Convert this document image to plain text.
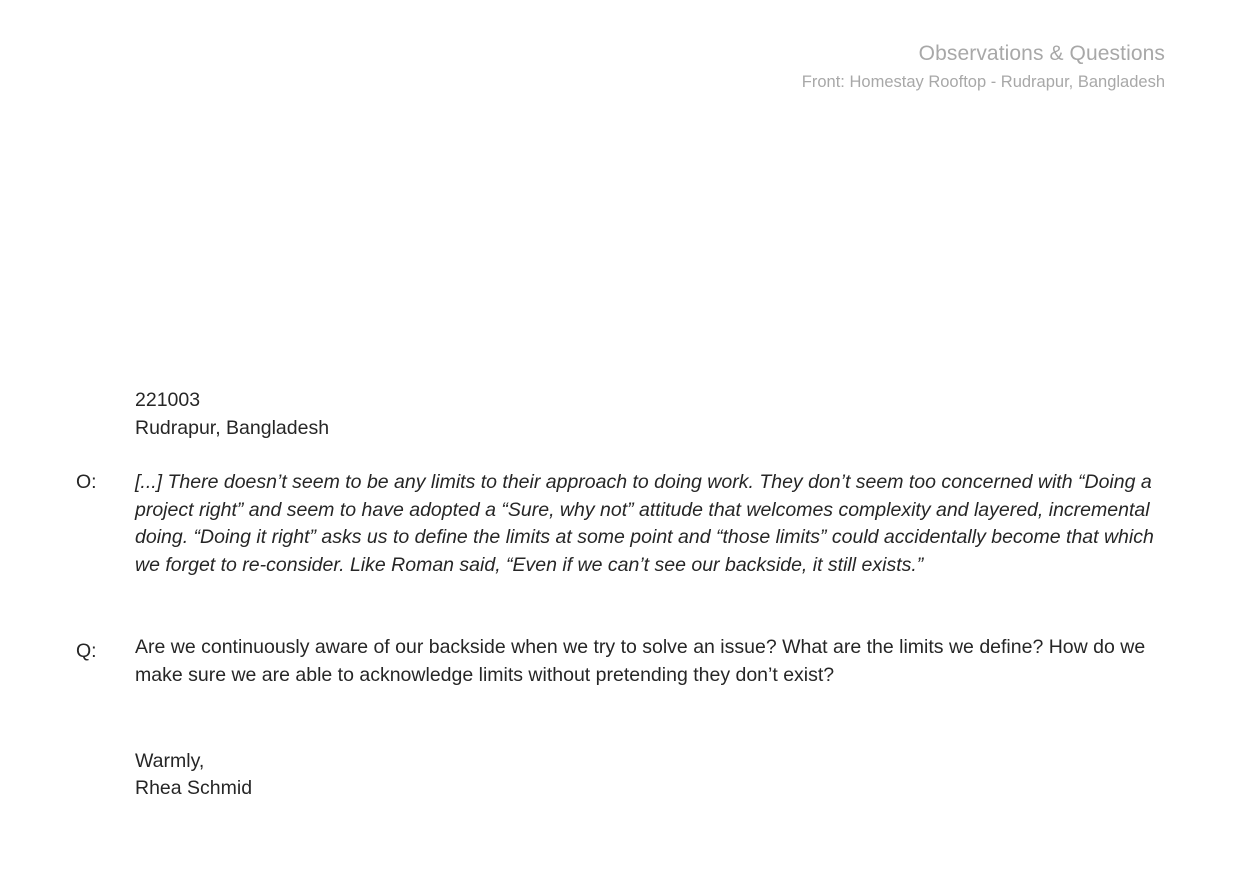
Observations & Questions
Front: Homestay Rooftop - Rudrapur, Bangladesh
221003
Rudrapur, Bangladesh
O: [...] There doesn’t seem to be any limits to their approach to doing work. They don’t seem too concerned with “Doing a project right” and seem to have adopted a “Sure, why not” attitude that welcomes complexity and layered, incremental doing. “Doing it right” asks us to define the limits at some point and “those limits” could accidentally become that which we forget to re-consider. Like Roman said, “Even if we can’t see our backside, it still exists.”
Q: Are we continuously aware of our backside when we try to solve an issue? What are the limits we define? How do we make sure we are able to acknowledge limits without pretending they don’t exist?
Warmly,
Rhea Schmid
